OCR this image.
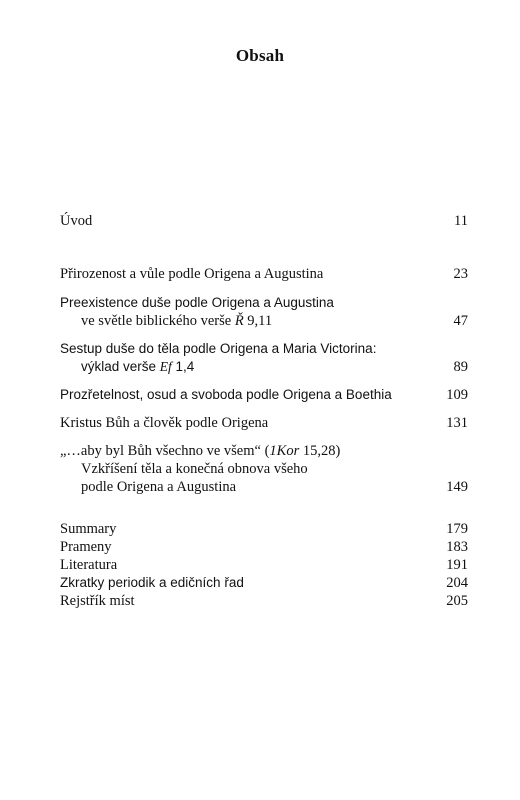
Obsah
Úvod	11
Přirozenost a vůle podle Origena a Augustina	23
Preexistence duše podle Origena a Augustina
ve světle biblického verše Ř 9,11	47
Sestup duše do těla podle Origena a Maria Victorina:
výklad verše Ef 1,4	89
Prozřetelnost, osud a svoboda podle Origena a Boethia	109
Kristus Bůh a člověk podle Origena	131
„…aby byl Bůh všechno ve všem“ (1Kor 15,28)
Vzkříšení těla a konečná obnova všeho
podle Origena a Augustina	149
Summary	179
Prameny	183
Literatura	191
Zkratky periodik a edičních řad	204
Rejstřík míst	205
